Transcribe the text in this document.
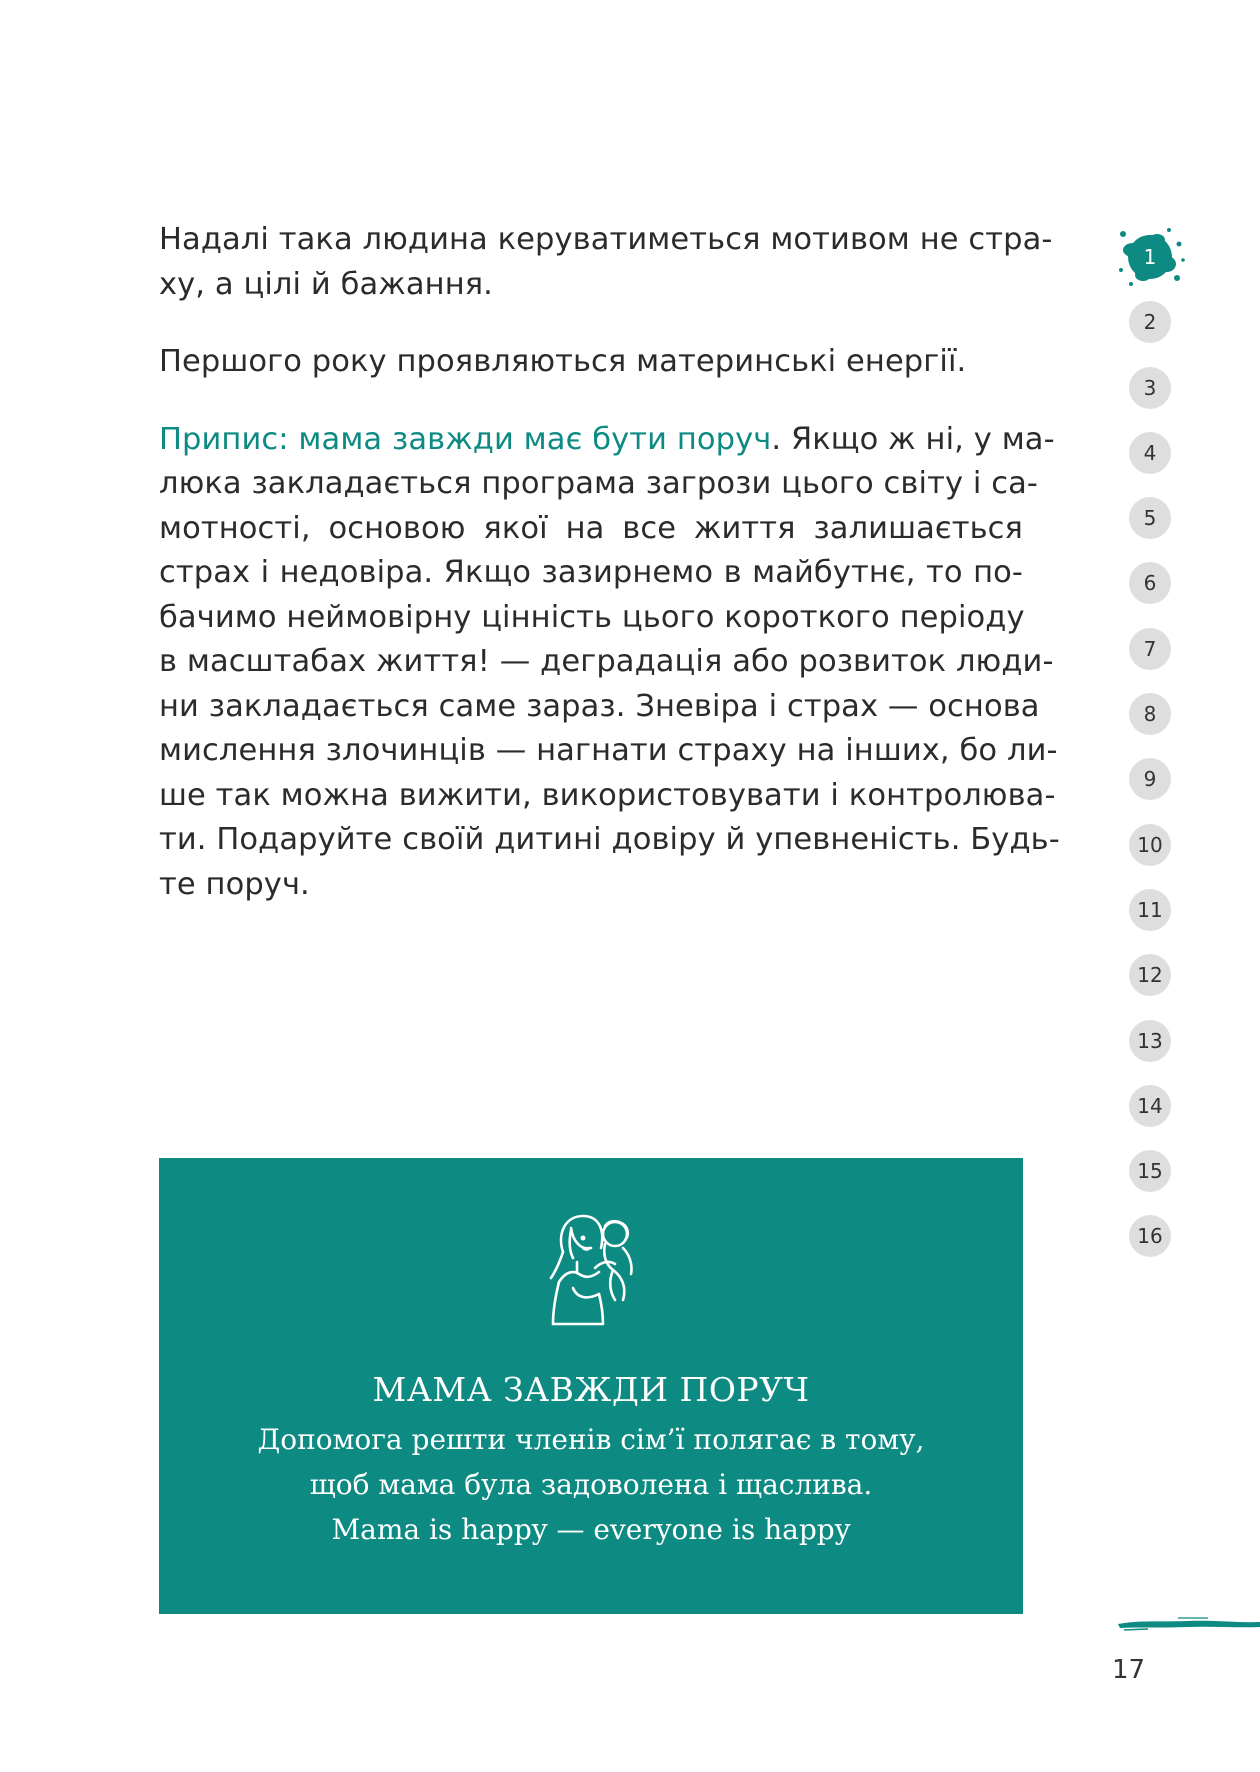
Надалі така людина керуватиметься мотивом не стра-
ху, а цілі й бажання.

Першого року проявляються материнські енергії.

Припис: мама завжди має бути поруч. Якщо ж ні, у ма-
люка закладається програма загрози цього світу і са-
мотності, основою якої на все життя залишається
страх і недовіра. Якщо зазирнемо в майбутнє, то по-
бачимо неймовірну цінність цього короткого періоду
в масштабах життя! — деградація або розвиток люди-
ни закладається саме зараз. Зневіра і страх — основа
мислення злочинців — нагнати страху на інших, бо ли-
ше так можна вижити, використовувати і контролюва-
ти. Подаруйте своїй дитині довіру й упевненість. Будь-
те поруч.

1
2
3
4
5
6
7
8
9
10
11
12
13
14
15
16
МАМА ЗАВЖДИ ПОРУЧ
Допомога решти членів сім’ї полягає в тому,
щоб мама була задоволена і щаслива.
Mama is happy — everyone is happy
17
